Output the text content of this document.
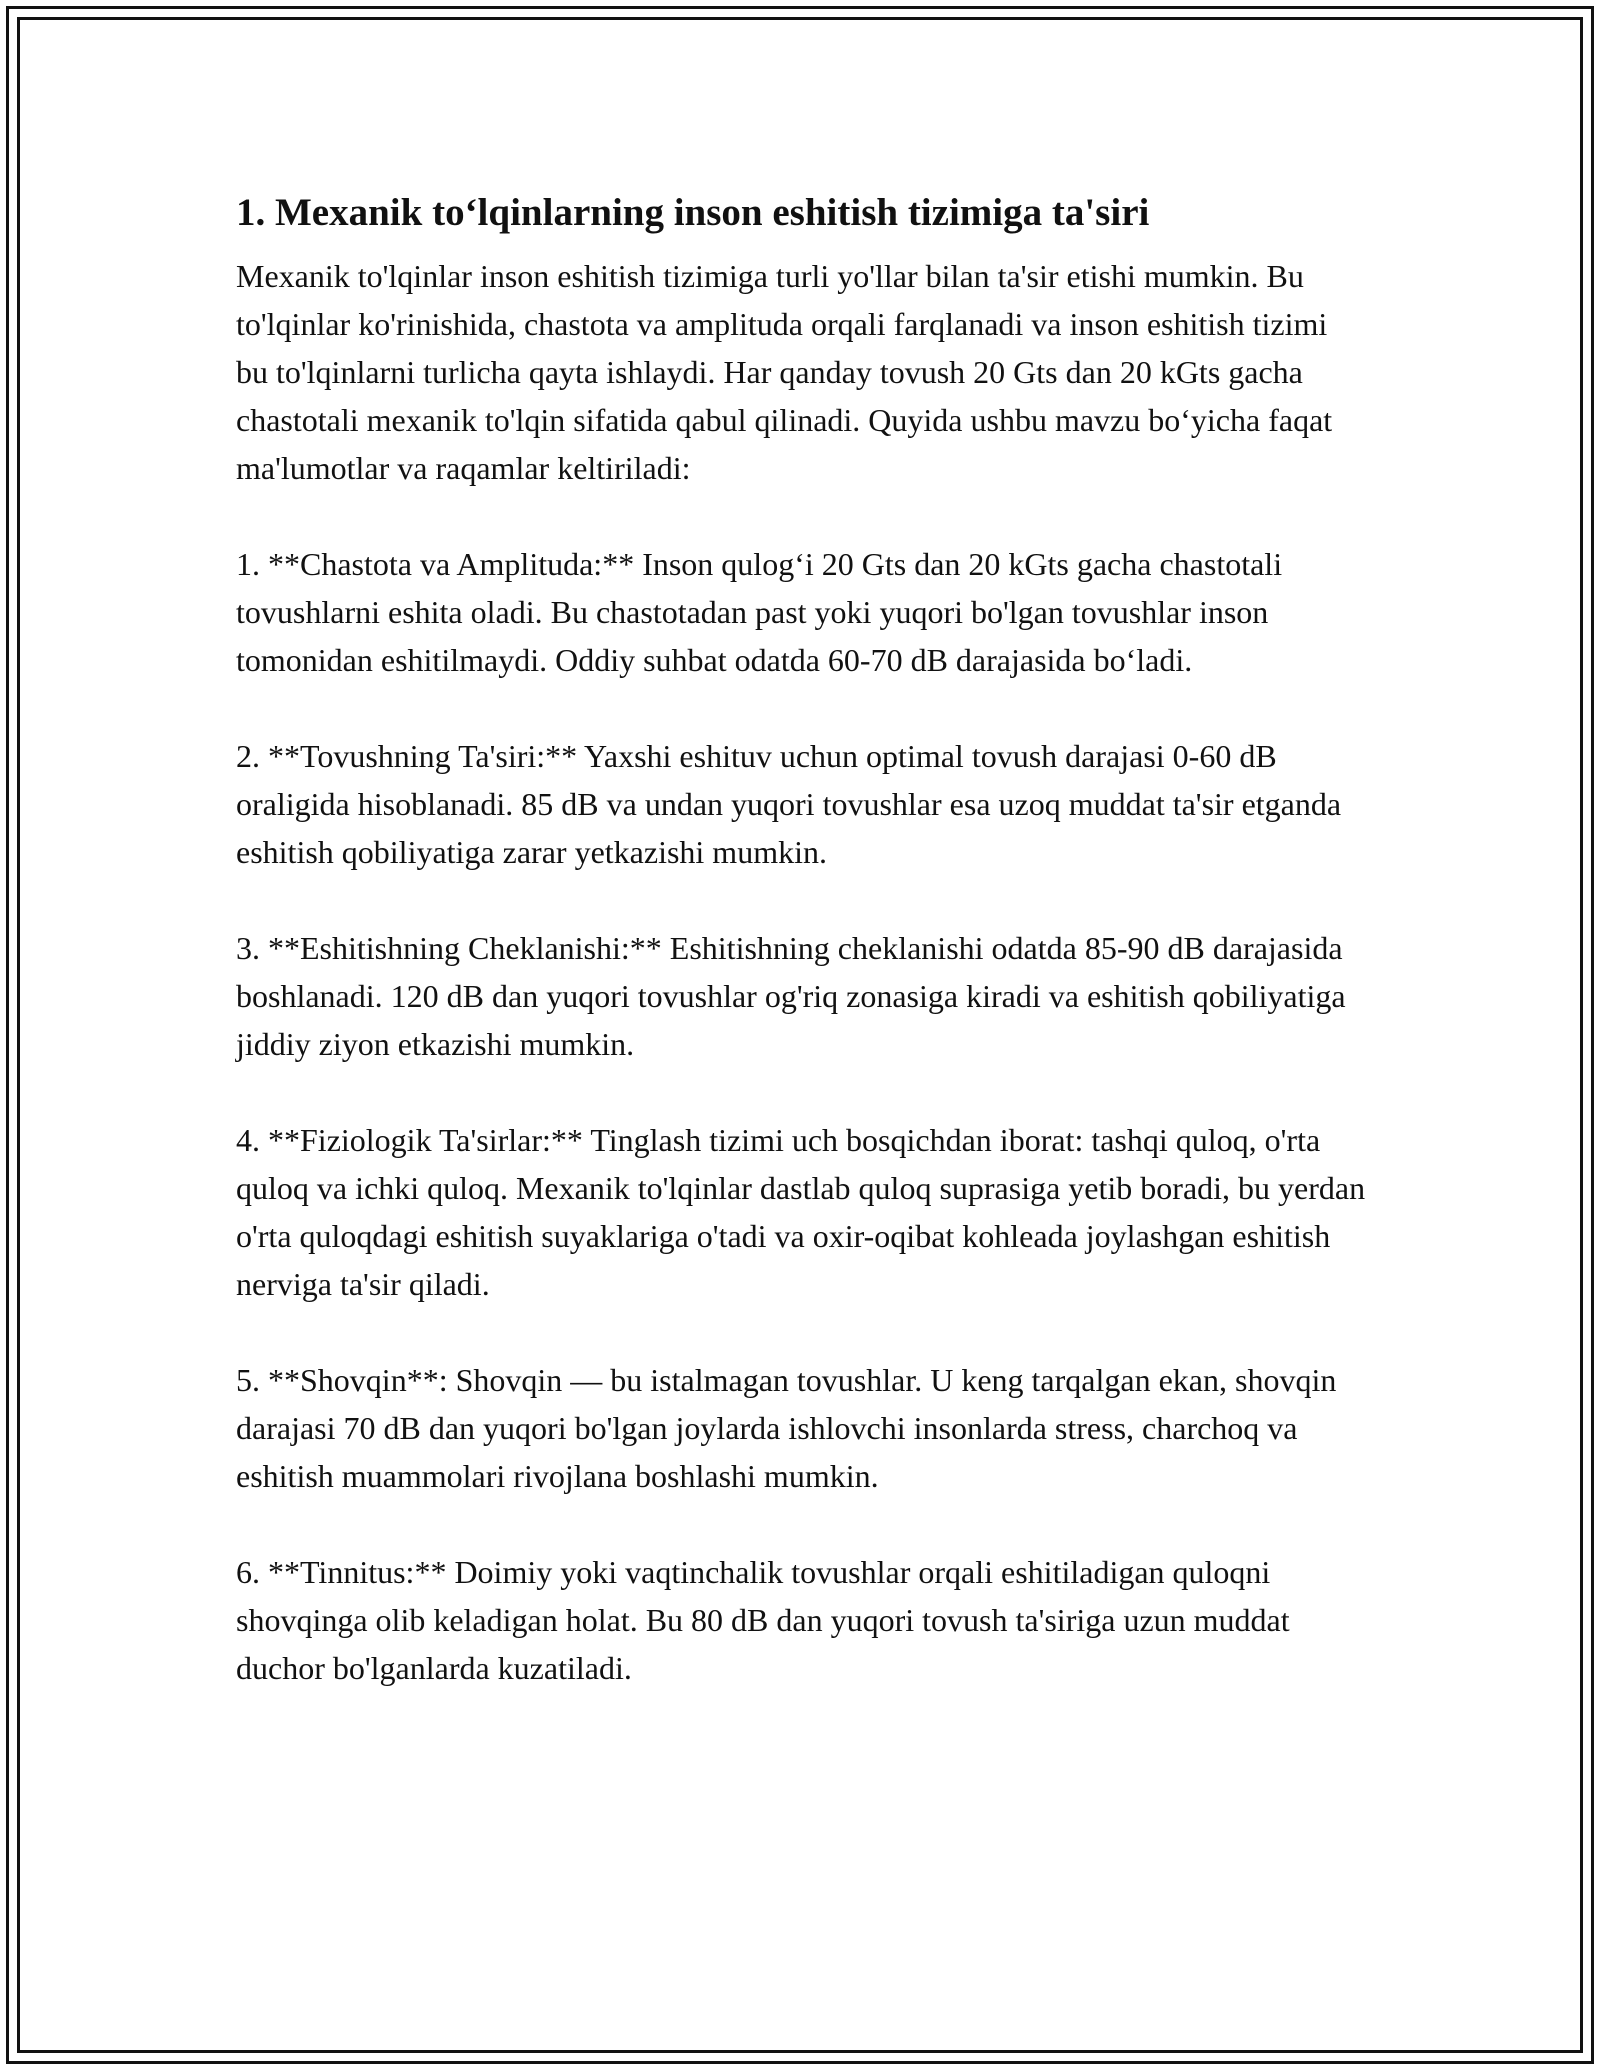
1. Mexanik to‘lqinlarning inson eshitish tizimiga ta'siri

Mexanik to'lqinlar inson eshitish tizimiga turli yo'llar bilan ta'sir etishi mumkin. Bu to'lqinlar ko'rinishida, chastota va amplituda orqali farqlanadi va inson eshitish tizimi bu to'lqinlarni turlicha qayta ishlaydi. Har qanday tovush 20 Gts dan 20 kGts gacha chastotali mexanik to'lqin sifatida qabul qilinadi. Quyida ushbu mavzu bo‘yicha faqat ma'lumotlar va raqamlar keltiriladi:

1. **Chastota va Amplituda:** Inson qulog‘i 20 Gts dan 20 kGts gacha chastotali tovushlarni eshita oladi. Bu chastotadan past yoki yuqori bo'lgan tovushlar inson tomonidan eshitilmaydi. Oddiy suhbat odatda 60-70 dB darajasida bo‘ladi.

2. **Tovushning Ta'siri:** Yaxshi eshituv uchun optimal tovush darajasi 0-60 dB oraligida hisoblanadi. 85 dB va undan yuqori tovushlar esa uzoq muddat ta'sir etganda eshitish qobiliyatiga zarar yetkazishi mumkin.

3. **Eshitishning Cheklanishi:** Eshitishning cheklanishi odatda 85-90 dB darajasida boshlanadi. 120 dB dan yuqori tovushlar og'riq zonasiga kiradi va eshitish qobiliyatiga jiddiy ziyon etkazishi mumkin.

4. **Fiziologik Ta'sirlar:** Tinglash tizimi uch bosqichdan iborat: tashqi quloq, o'rta quloq va ichki quloq. Mexanik to'lqinlar dastlab quloq suprasiga yetib boradi, bu yerdan o'rta quloqdagi eshitish suyaklariga o'tadi va oxir-oqibat kohleada joylashgan eshitish nerviga ta'sir qiladi.

5. **Shovqin**: Shovqin — bu istalmagan tovushlar. U keng tarqalgan ekan, shovqin darajasi 70 dB dan yuqori bo'lgan joylarda ishlovchi insonlarda stress, charchoq va eshitish muammolari rivojlana boshlashi mumkin.

6. **Tinnitus:** Doimiy yoki vaqtinchalik tovushlar orqali eshitiladigan quloqni shovqinga olib keladigan holat. Bu 80 dB dan yuqori tovush ta'siriga uzun muddat duchor bo'lganlarda kuzatiladi.
